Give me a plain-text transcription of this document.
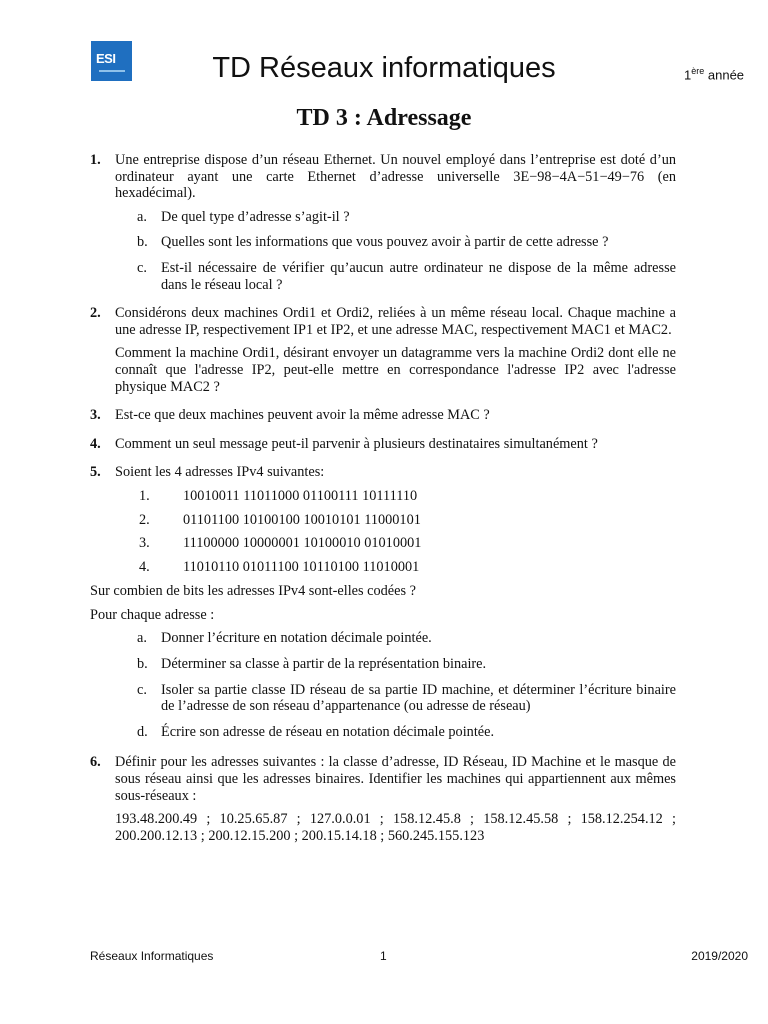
ESI	TD Réseaux informatiques	1ère année
TD 3 : Adressage
1. Une entreprise dispose d’un réseau Ethernet. Un nouvel employé dans l’entreprise est doté d’un ordinateur ayant une carte Ethernet d’adresse universelle 3E−98−4A−51−49−76 (en hexadécimal).

a. De quel type d’adresse s’agit-il ?
b. Quelles sont les informations que vous pouvez avoir à partir de cette adresse ?
c. Est-il nécessaire de vérifier qu’aucun autre ordinateur ne dispose de la même adresse dans le réseau local ?
2. Considérons deux machines Ordi1 et Ordi2, reliées à un même réseau local. Chaque machine a une adresse IP, respectivement IP1 et IP2, et une adresse MAC, respectivement MAC1 et MAC2.

Comment la machine Ordi1, désirant envoyer un datagramme vers la machine Ordi2 dont elle ne connaît que l'adresse IP2, peut-elle mettre en correspondance l'adresse IP2 avec l'adresse physique MAC2 ?

3. Est-ce que deux machines peuvent avoir la même adresse MAC ?

4. Comment un seul message peut-il parvenir à plusieurs destinataires simultanément ?

5. Soient les 4 adresses IPv4 suivantes:

1. 10010011 11011000 01100111 10111110
2. 01101100 10100100 10010101 11000101
3. 11100000 10000001 10100010 01010001
4. 11010110 01011100 10110100 11010001

Sur combien de bits les adresses IPv4 sont-elles codées ?

Pour chaque adresse :

a. Donner l’écriture en notation décimale pointée.
b. Déterminer sa classe à partir de la représentation binaire.
c. Isoler sa partie classe ID réseau de sa partie ID machine, et déterminer l’écriture binaire de l’adresse de son réseau d’appartenance (ou adresse de réseau)
d. Écrire son adresse de réseau en notation décimale pointée.
6. Définir pour les adresses suivantes : la classe d’adresse, ID Réseau, ID Machine et le masque de sous réseau ainsi que les adresses binaires. Identifier les machines qui appartiennent aux mêmes sous-réseaux :

193.48.200.49 ; 10.25.65.87 ; 127.0.0.01 ; 158.12.45.8 ; 158.12.45.58 ; 158.12.254.12 ; 200.200.12.13 ; 200.12.15.200 ; 200.15.14.18 ; 560.245.155.123

Réseaux Informatiques	1	2019/2020
